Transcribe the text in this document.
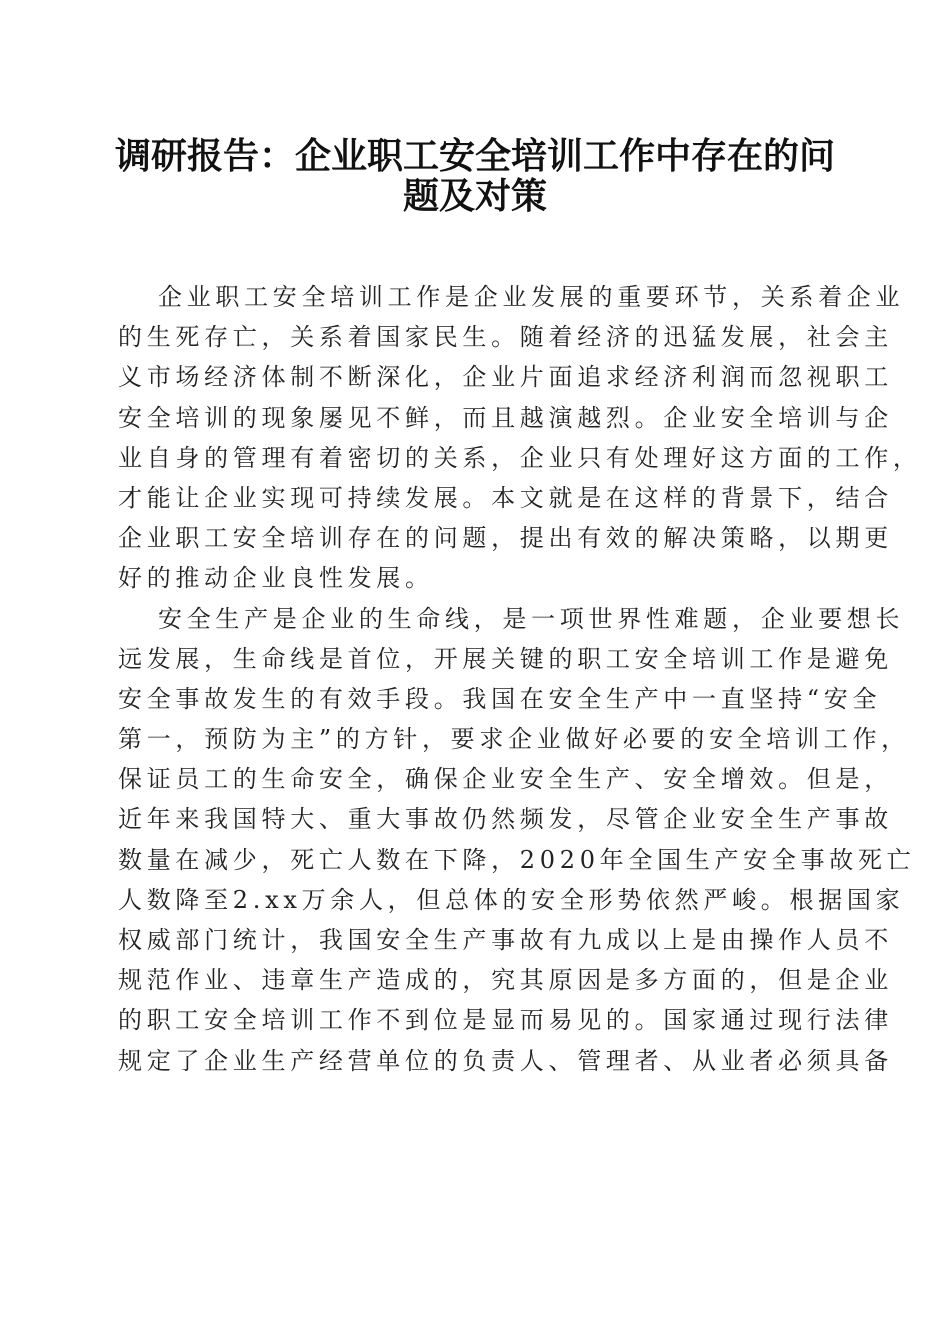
调研报告：企业职工安全培训工作中存在的问
题及对策
企业职工安全培训工作是企业发展的重要环节，关系着企业
的生死存亡，关系着国家民生。随着经济的迅猛发展，社会主
义市场经济体制不断深化，企业片面追求经济利润而忽视职工
安全培训的现象屡见不鲜，而且越演越烈。企业安全培训与企
业自身的管理有着密切的关系，企业只有处理好这方面的工作，
才能让企业实现可持续发展。本文就是在这样的背景下，结合
企业职工安全培训存在的问题，提出有效的解决策略，以期更
好的推动企业良性发展。
安全生产是企业的生命线，是一项世界性难题，企业要想长
远发展，生命线是首位，开展关键的职工安全培训工作是避免
安全事故发生的有效手段。我国在安全生产中一直坚持“安全
第一，预防为主”的方针，要求企业做好必要的安全培训工作，
保证员工的生命安全，确保企业安全生产、安全增效。但是，
近年来我国特大、重大事故仍然频发，尽管企业安全生产事故
数量在减少，死亡人数在下降，2020年全国生产安全事故死亡
人数降至2.xx万余人，但总体的安全形势依然严峻。根据国家
权威部门统计，我国安全生产事故有九成以上是由操作人员不
规范作业、违章生产造成的，究其原因是多方面的，但是企业
的职工安全培训工作不到位是显而易见的。国家通过现行法律
规定了企业生产经营单位的负责人、管理者、从业者必须具备
